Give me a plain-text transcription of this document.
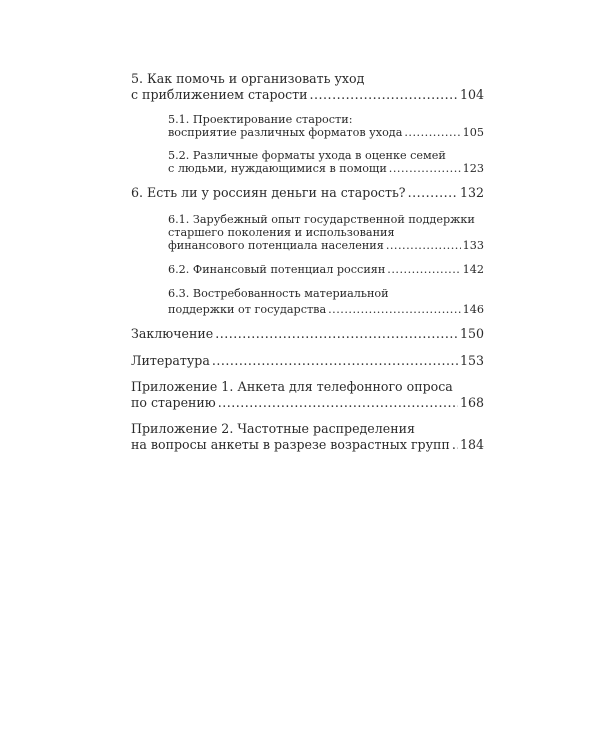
5. Как помочь и организовать уход
с приближением старости .....	104
5.1. Проектирование старости:
восприятие различных форматов ухода .....	105
5.2. Различные форматы ухода в оценке семей
с людьми, нуждающимися в помощи .....	123
6. Есть ли у россиян деньги на старость? .....	132
6.1. Зарубежный опыт государственной поддержки
старшего поколения и использования
финансового потенциала населения .....	133
6.2. Финансовый потенциал россиян .....	142
6.3. Востребованность материальной
поддержки от государства .....	146
Заключение .....	150
Литература .....	153
Приложение 1. Анкета для телефонного опроса
по старению .....	168
Приложение 2. Частотные распределения
на вопросы анкеты в разрезе возрастных групп ..... 184
